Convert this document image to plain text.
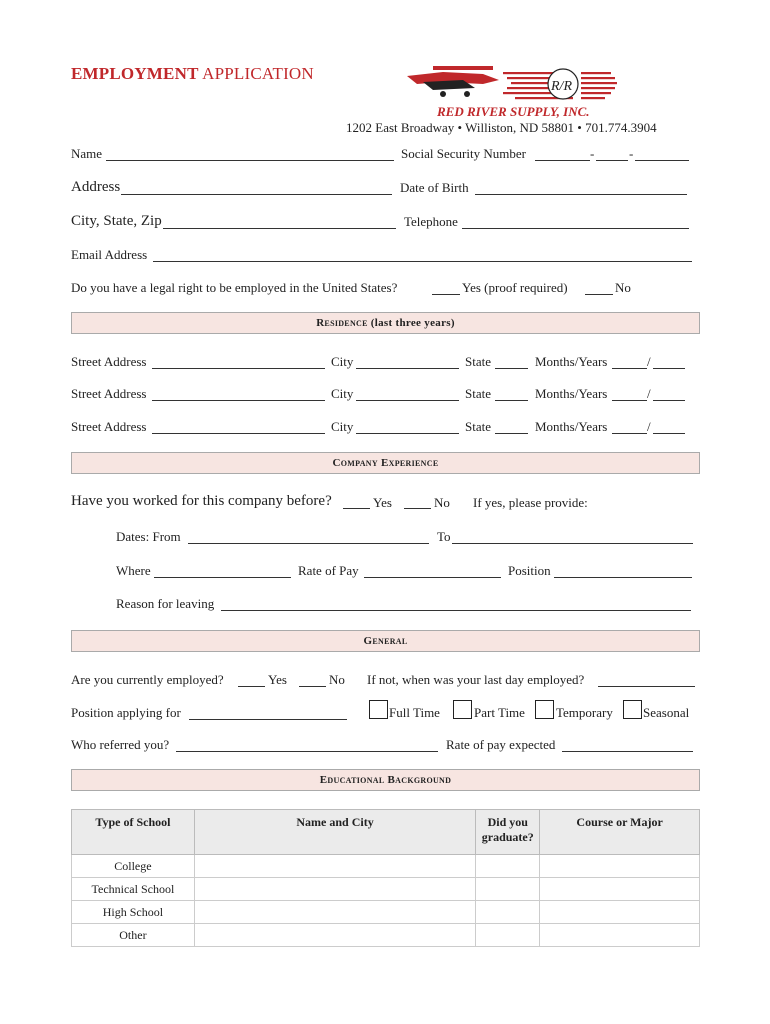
EMPLOYMENT APPLICATION
R/R
RED RIVER SUPPLY, INC.
1202 East Broadway • Williston, ND 58801 • 701.774.3904
Name	Social Security Number	-	-
Address	Date of Birth
City, State, Zip	Telephone
Email Address
Do you have a legal right to be employed in the United States?	Yes (proof required)	No
Residence (last three years)
Street Address	City	State	Months/Years	/
Street Address	City	State	Months/Years	/
Street Address	City	State	Months/Years	/
Company Experience
Have you worked for this company before?	Yes	No If yes, please provide:
Dates: From	To
Where	Rate of Pay	Position
Reason for leaving
General
Are you currently employed?	Yes	No If not, when was your last day employed?
Position applying for	Full Time	Part Time Temporary Seasonal
Who referred you?	Rate of pay expected
Educational Background
Type of School	Name and City	Did you graduate?	Course or Major
College			
Technical School			
High School			
Other			
